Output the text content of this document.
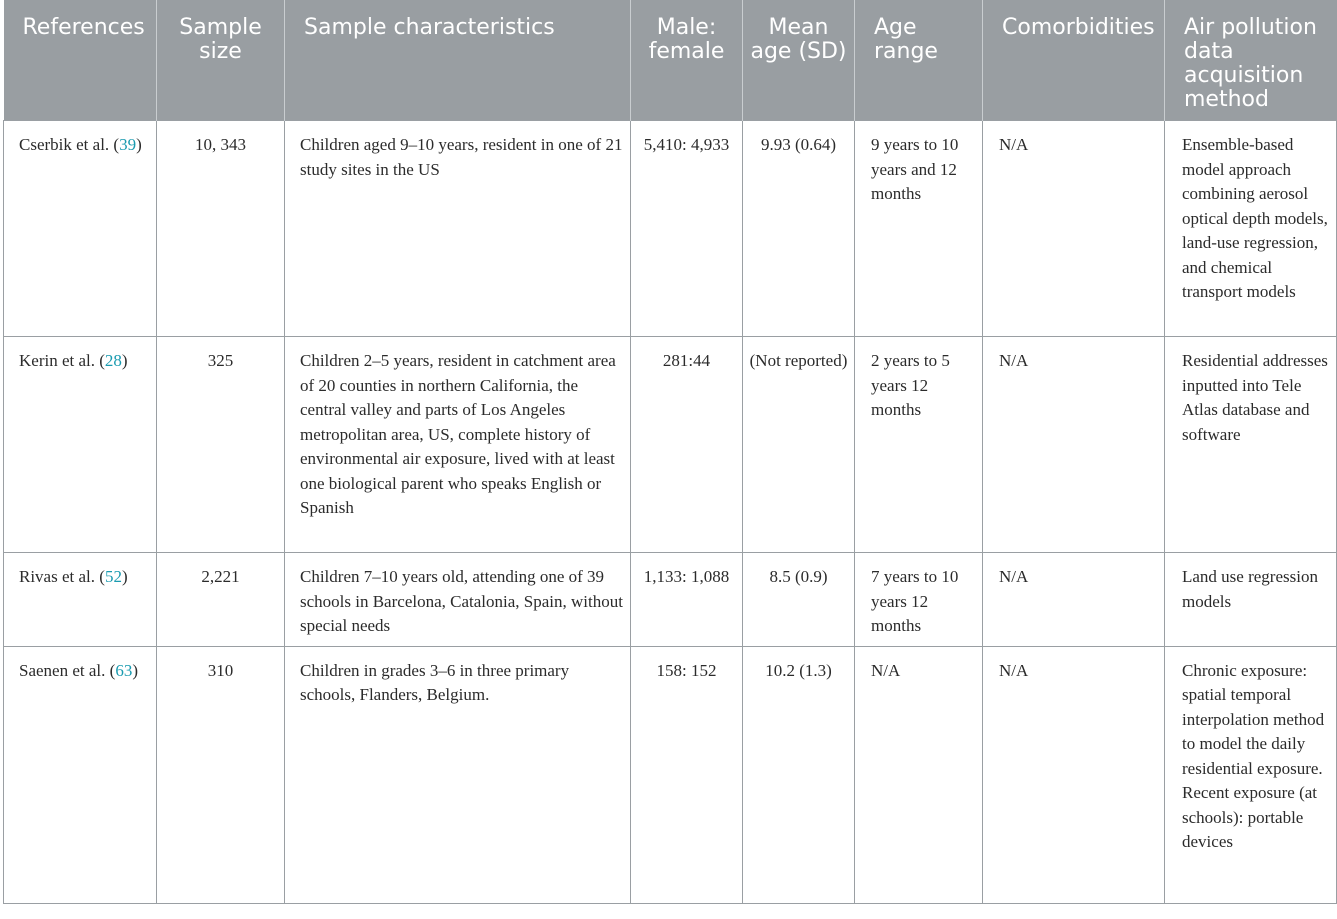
References	Sample size	Sample characteristics	Male: female	Mean age (SD)	Age range	Comorbidities	Air pollution data acquisition method
Cserbik et al. (39)	10, 343	Children aged 9–10 years, resident in one of 21 study sites in the US	5,410: 4,933	9.93 (0.64)	9 years to 10 years and 12 months	N/A	Ensemble-based model approach combining aerosol optical depth models, land-use regression, and chemical transport models
Kerin et al. (28)	325	Children 2–5 years, resident in catchment area of 20 counties in northern California, the central valley and parts of Los Angeles metropolitan area, US, complete history of environmental air exposure, lived with at least one biological parent who speaks English or Spanish	281:44	(Not reported)	2 years to 5 years 12 months	N/A	Residential addresses inputted into Tele Atlas database and software
Rivas et al. (52)	2,221	Children 7–10 years old, attending one of 39 schools in Barcelona, Catalonia, Spain, without special needs	1,133: 1,088	8.5 (0.9)	7 years to 10 years 12 months	N/A	Land use regression models
Saenen et al. (63)	310	Children in grades 3–6 in three primary schools, Flanders, Belgium.	158: 152	10.2 (1.3)	N/A	N/A	Chronic exposure: spatial temporal interpolation method to model the daily residential exposure. Recent exposure (at schools): portable devices
